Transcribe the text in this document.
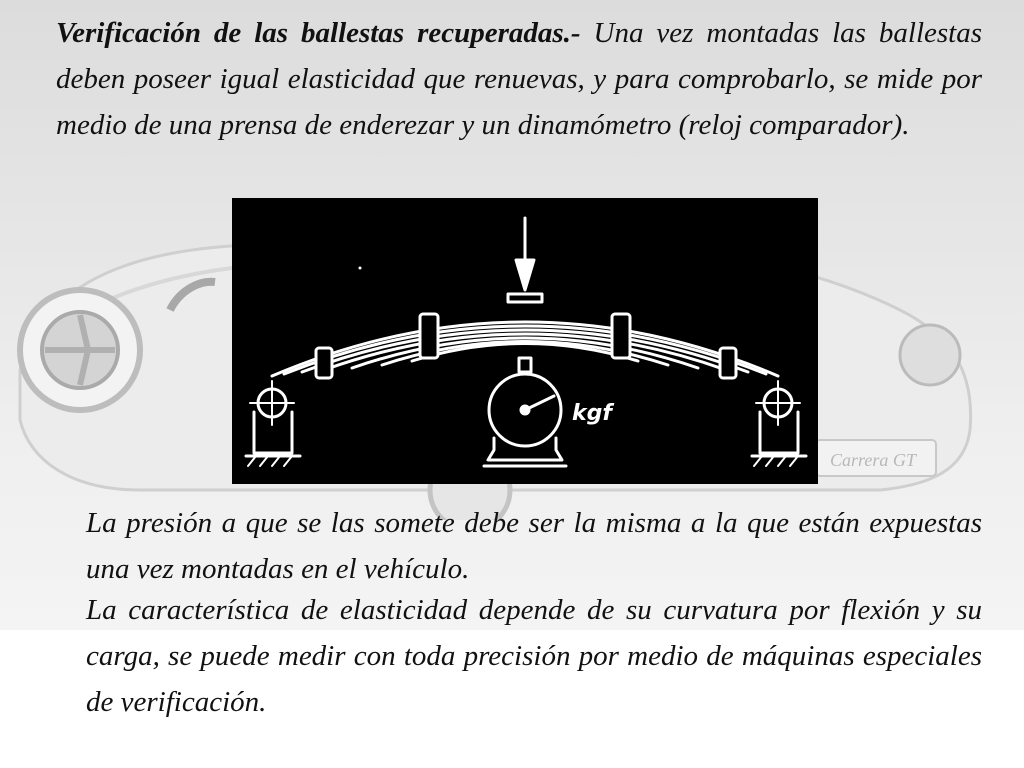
Carrera GT

Verificación de las ballestas recuperadas.- Una vez montadas las ballestas deben poseer igual elasticidad que renuevas, y para comprobarlo, se mide por medio de una prensa de enderezar y un dinamómetro (reloj comparador).

kgf

La presión a que se las somete debe ser la misma a la que están expuestas una vez montadas en el vehículo.

La característica de elasticidad depende de su curvatura por flexión y su carga, se puede medir con toda precisión por medio de máquinas especiales de verificación.
